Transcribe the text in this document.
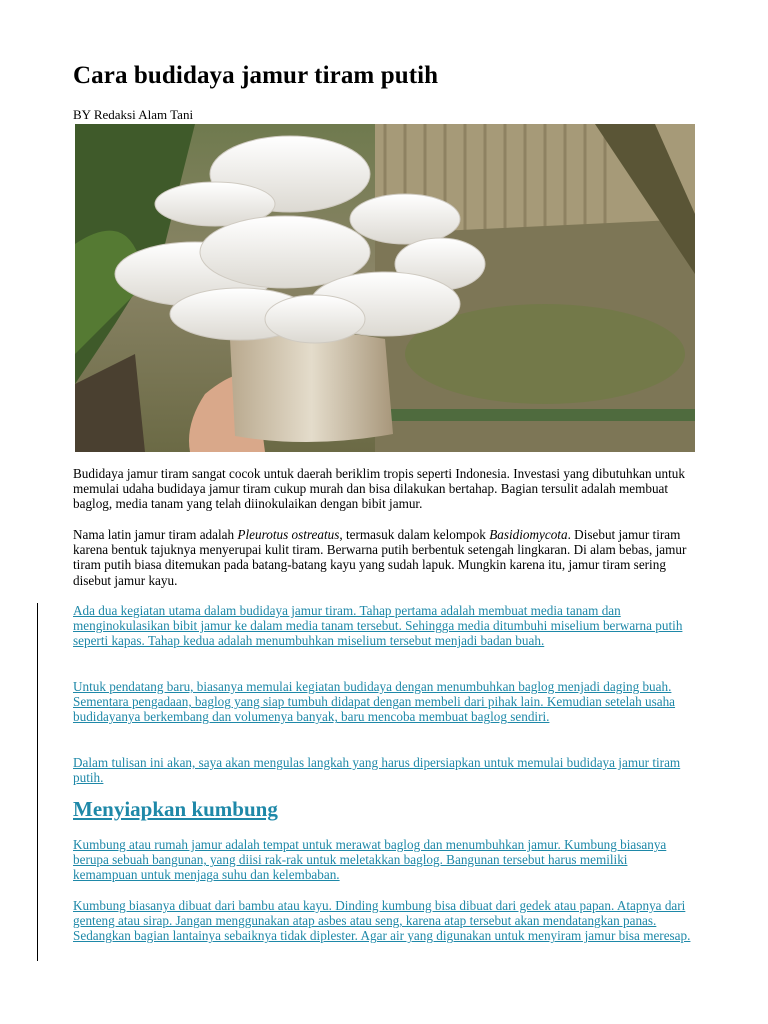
Cara budidaya jamur tiram putih
BY Redaksi Alam Tani
Budidaya jamur tiram sangat cocok untuk daerah beriklim tropis seperti Indonesia. Investasi yang dibutuhkan untuk memulai udaha budidaya jamur tiram cukup murah dan bisa dilakukan bertahap. Bagian tersulit adalah membuat baglog, media tanam yang telah diinokulaikan dengan bibit jamur.
Nama latin jamur tiram adalah Pleurotus ostreatus, termasuk dalam kelompok Basidiomycota. Disebut jamur tiram karena bentuk tajuknya menyerupai kulit tiram. Berwarna putih berbentuk setengah lingkaran. Di alam bebas, jamur tiram putih biasa ditemukan pada batang-batang kayu yang sudah lapuk. Mungkin karena itu, jamur tiram sering disebut jamur kayu.
Ada dua kegiatan utama dalam budidaya jamur tiram. Tahap pertama adalah membuat media tanam dan menginokulasikan bibit jamur ke dalam media tanam tersebut. Sehingga media ditumbuhi miselium berwarna putih seperti kapas. Tahap kedua adalah menumbuhkan miselium tersebut menjadi badan buah.
Untuk pendatang baru, biasanya memulai kegiatan budidaya dengan menumbuhkan baglog menjadi daging buah. Sementara pengadaan, baglog yang siap tumbuh didapat dengan membeli dari pihak lain. Kemudian setelah usaha budidayanya berkembang dan volumenya banyak, baru mencoba membuat baglog sendiri.
Dalam tulisan ini akan, saya akan mengulas langkah yang harus dipersiapkan untuk memulai budidaya jamur tiram putih.
Menyiapkan kumbung
Kumbung atau rumah jamur adalah tempat untuk merawat baglog dan menumbuhkan jamur. Kumbung biasanya berupa sebuah bangunan, yang diisi rak-rak untuk meletakkan baglog. Bangunan tersebut harus memiliki kemampuan untuk menjaga suhu dan kelembaban.
Kumbung biasanya dibuat dari bambu atau kayu. Dinding kumbung bisa dibuat dari gedek atau papan. Atapnya dari genteng atau sirap. Jangan menggunakan atap asbes atau seng, karena atap tersebut akan mendatangkan panas. Sedangkan bagian lantainya sebaiknya tidak diplester. Agar air yang digunakan untuk menyiram jamur bisa meresap.
